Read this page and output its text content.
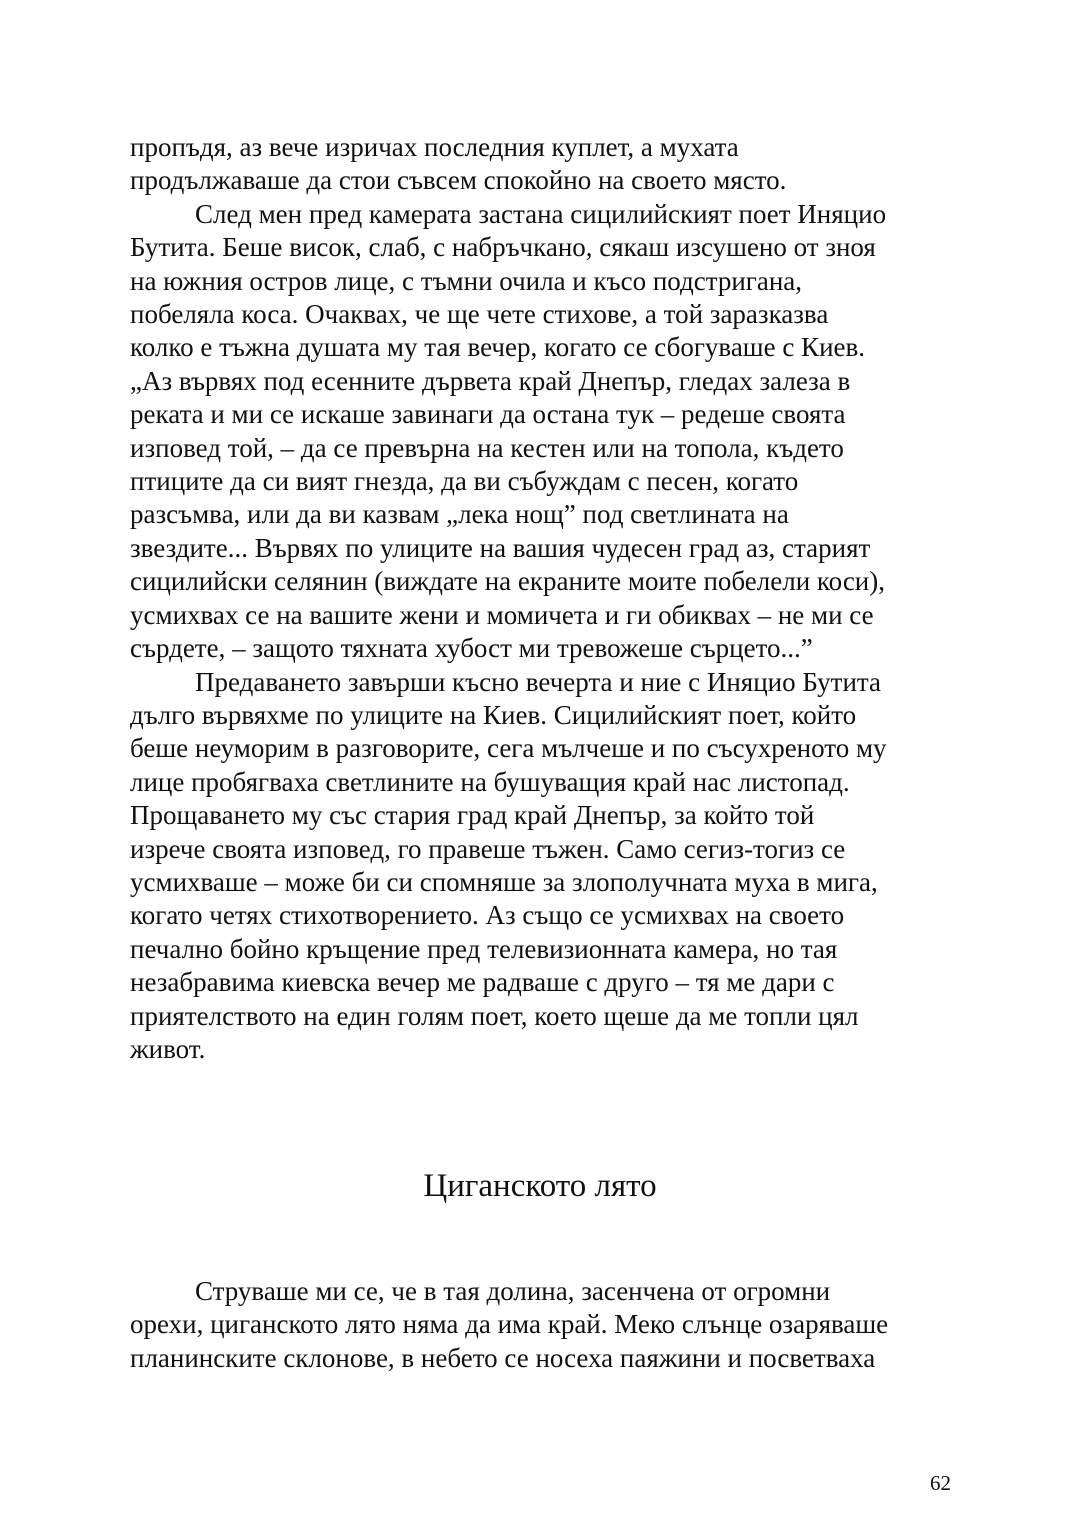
пропъдя, аз вече изричах последния куплет, а мухата
продължаваше да стои съвсем спокойно на своето място.
След мен пред камерата застана сицилийският поет Иняцио
Бутита. Беше висок, слаб, с набръчкано, сякаш изсушено от зноя
на южния остров лице, с тъмни очила и късо подстригана,
побеляла коса. Очаквах, че ще чете стихове, а той заразказва
колко е тъжна душата му тая вечер, когато се сбогуваше с Киев.
„Аз вървях под есенните дървета край Днепър, гледах залеза в
реката и ми се искаше завинаги да остана тук – редеше своята
изповед той, – да се превърна на кестен или на топола, където
птиците да си вият гнезда, да ви събуждам с песен, когато
разсъмва, или да ви казвам „лека нощ” под светлината на
звездите... Вървях по улиците на вашия чудесен град аз, старият
сицилийски селянин (виждате на екраните моите побелели коси),
усмихвах се на вашите жени и момичета и ги обиквах – не ми се
сърдете, – защото тяхната хубост ми тревожеше сърцето...”
Предаването завърши късно вечерта и ние с Иняцио Бутита
дълго вървяхме по улиците на Киев. Сицилийският поет, който
беше неуморим в разговорите, сега мълчеше и по съсухреното му
лице пробягваха светлините на бушуващия край нас листопад.
Прощаването му със стария град край Днепър, за който той
изрече своята изповед, го правеше тъжен. Само сегиз-тогиз се
усмихваше – може би си спомняше за злополучната муха в мига,
когато четях стихотворението. Аз също се усмихвах на своето
печално бойно кръщение пред телевизионната камера, но тая
незабравима киевска вечер ме радваше с друго – тя ме дари с
приятелството на един голям поет, което щеше да ме топли цял
живот.
Циганското лято
Струваше ми се, че в тая долина, засенчена от огромни
орехи, циганското лято няма да има край. Меко слънце озаряваше
планинските склонове, в небето се носеха паяжини и посветваха
62
